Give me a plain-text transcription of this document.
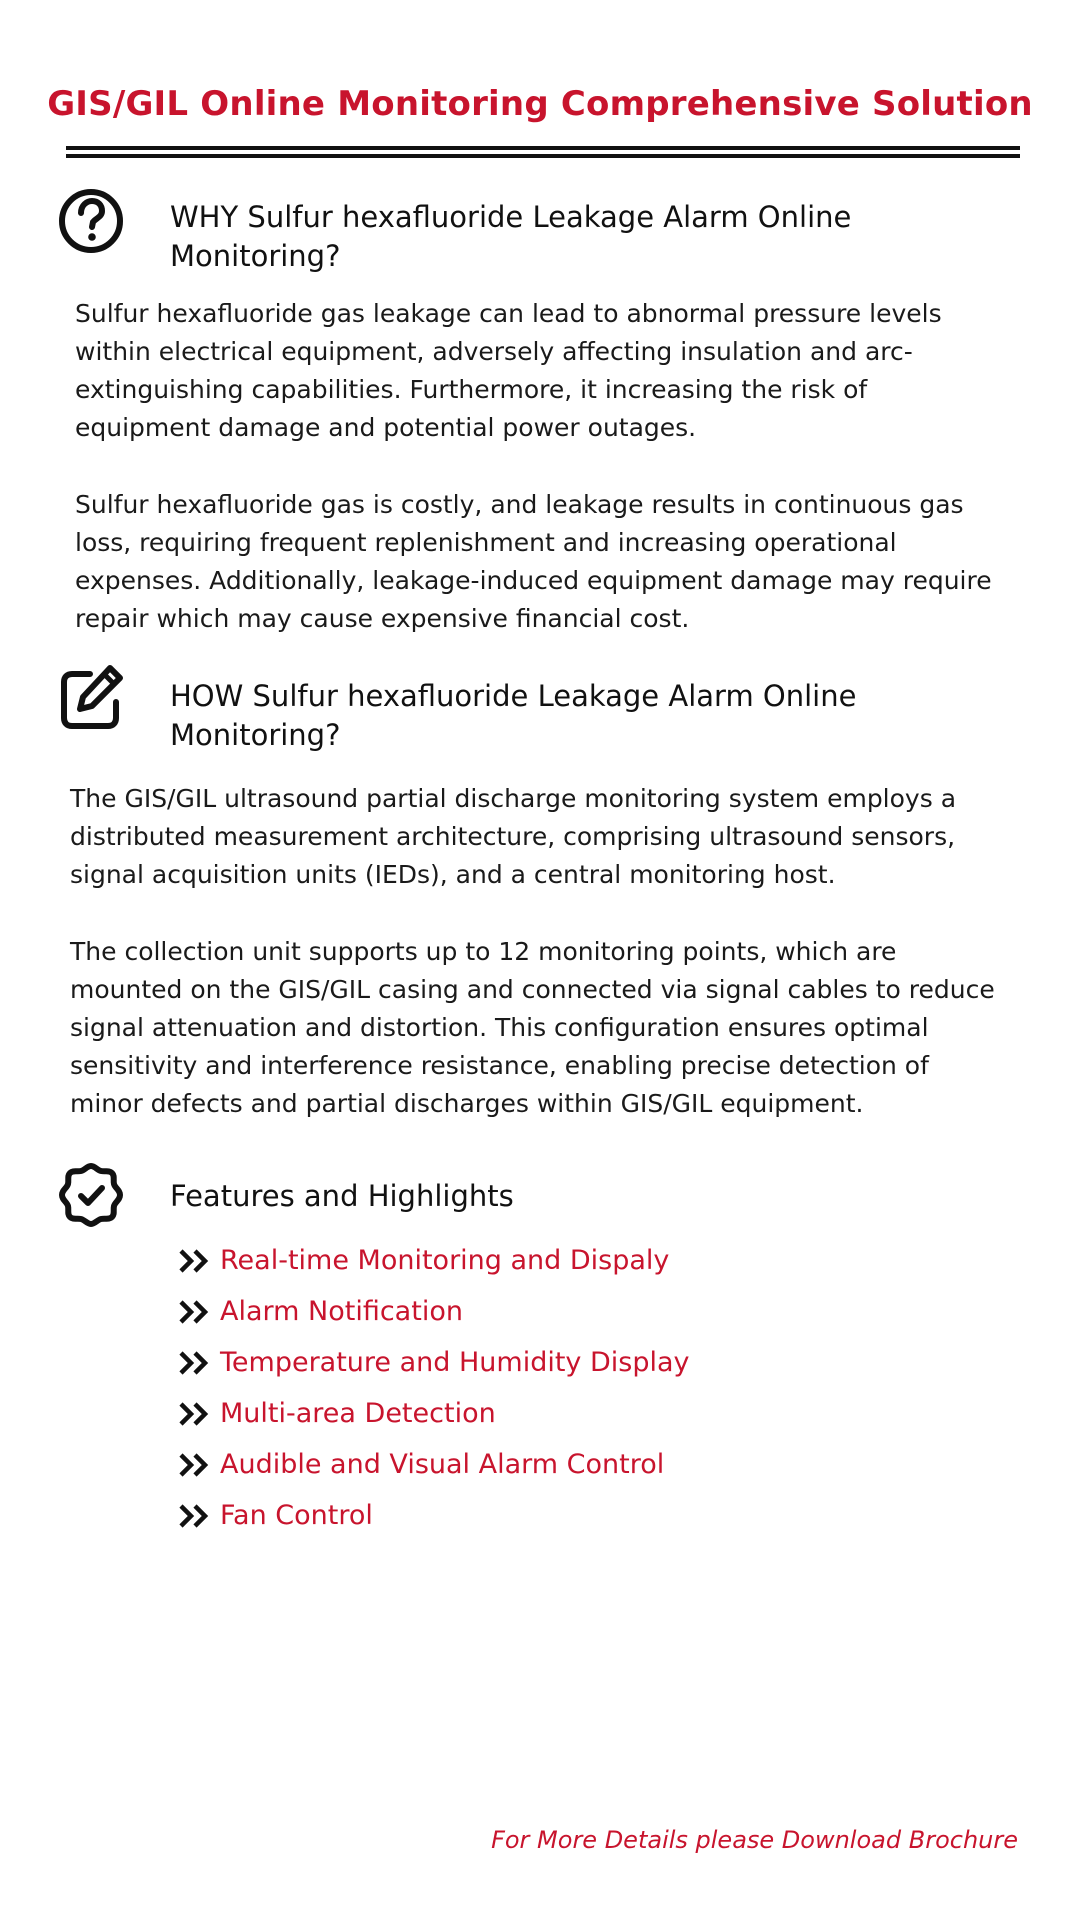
GIS/GIL Online Monitoring Comprehensive Solution
WHY Sulfur hexafluoride Leakage Alarm Online
Monitoring?
Sulfur hexafluoride gas leakage can lead to abnormal pressure levels
within electrical equipment, adversely affecting insulation and arc-
extinguishing capabilities. Furthermore, it increasing the risk of
equipment damage and potential power outages.
Sulfur hexafluoride gas is costly, and leakage results in continuous gas
loss, requiring frequent replenishment and increasing operational
expenses. Additionally, leakage-induced equipment damage may require
repair which may cause expensive financial cost.
HOW Sulfur hexafluoride Leakage Alarm Online
Monitoring?
The GIS/GIL ultrasound partial discharge monitoring system employs a
distributed measurement architecture, comprising ultrasound sensors,
signal acquisition units (IEDs), and a central monitoring host.
The collection unit supports up to 12 monitoring points, which are
mounted on the GIS/GIL casing and connected via signal cables to reduce
signal attenuation and distortion. This configuration ensures optimal
sensitivity and interference resistance, enabling precise detection of
minor defects and partial discharges within GIS/GIL equipment.
Features and Highlights
Real-time Monitoring and Dispaly
Alarm Notification
Temperature and Humidity Display
Multi-area Detection
Audible and Visual Alarm Control
Fan Control
For More Details please Download Brochure
